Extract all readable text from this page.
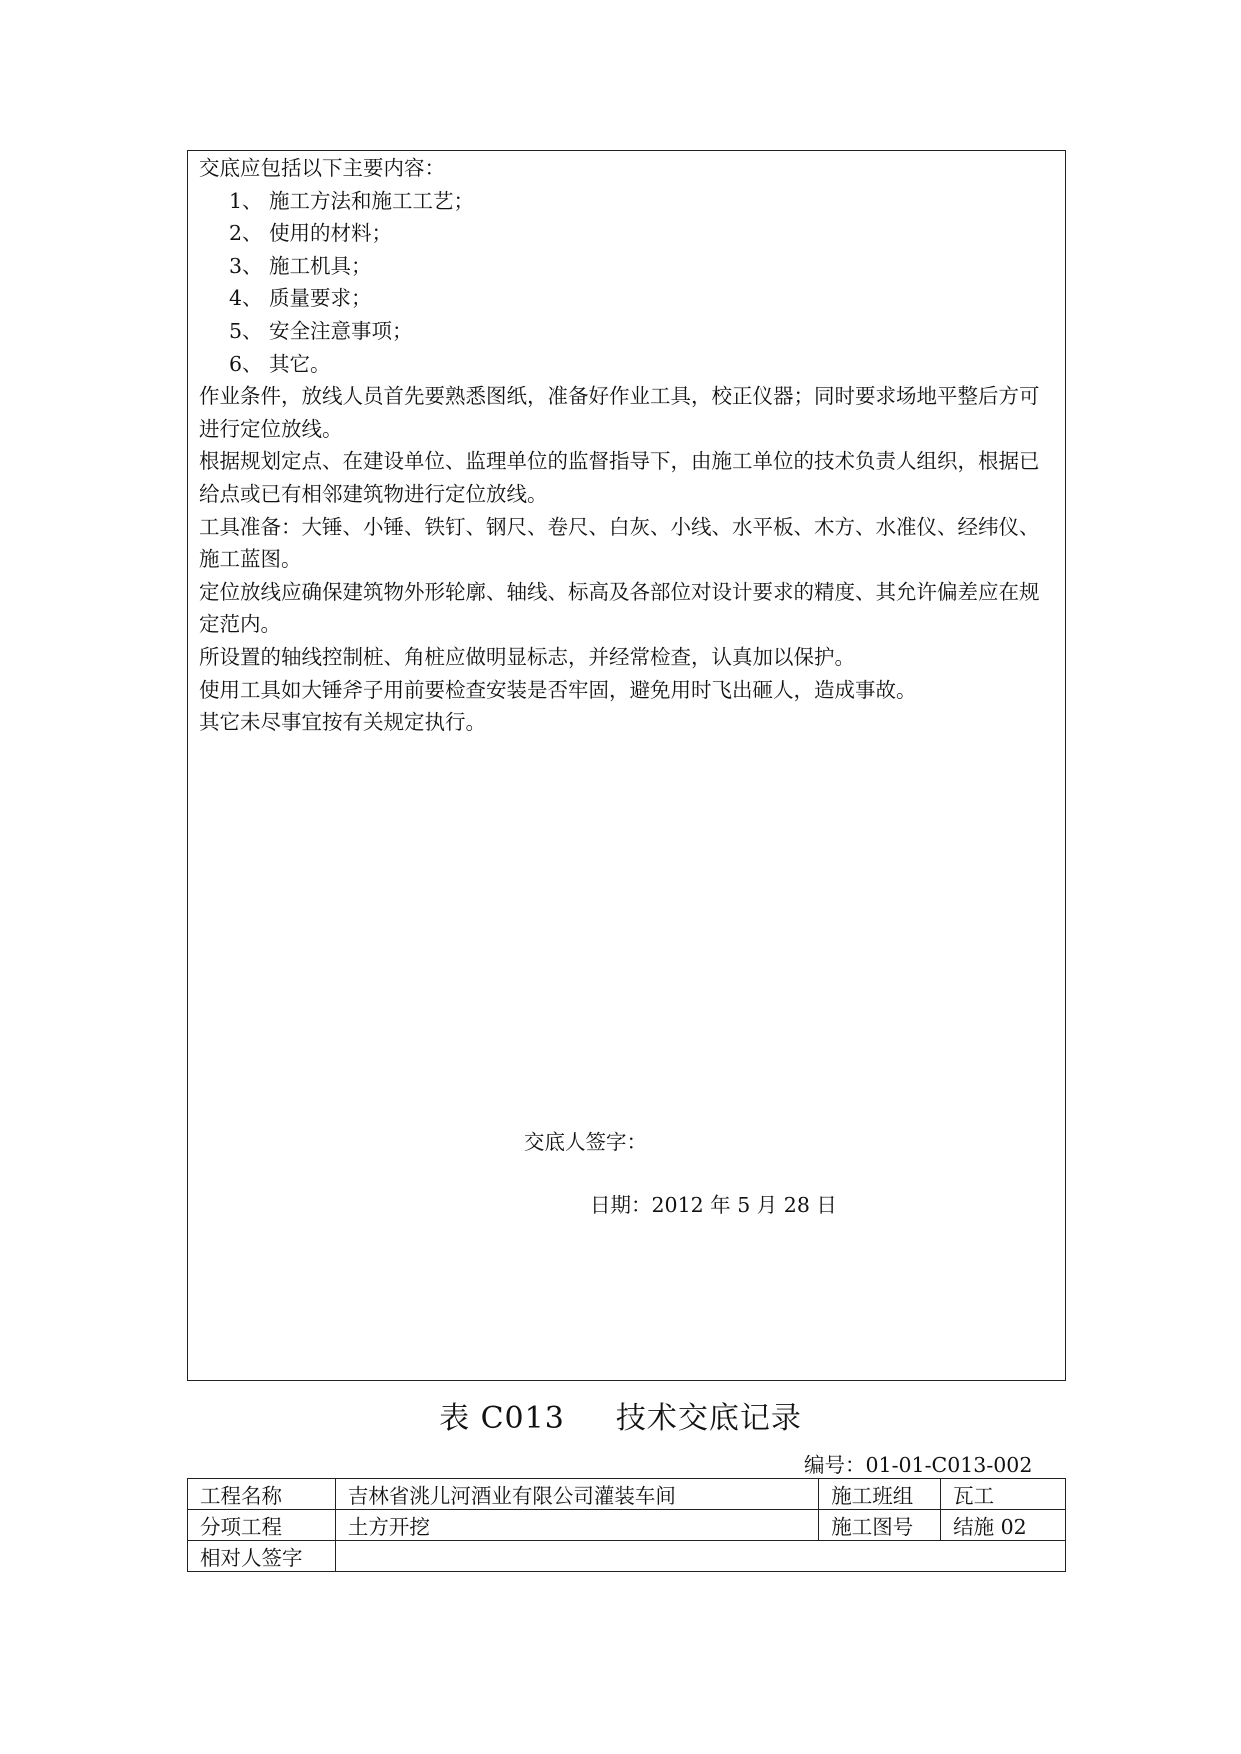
交底应包括以下主要内容：

1、 施工方法和施工工艺；

2、 使用的材料；

3、 施工机具；

4、 质量要求；

5、 安全注意事项；

6、 其它。

作业条件，放线人员首先要熟悉图纸，准备好作业工具，校正仪器；同时要求场地平整后方可进行定位放线。

根据规划定点、在建设单位、监理单位的监督指导下，由施工单位的技术负责人组织，根据已给点或已有相邻建筑物进行定位放线。

工具准备：大锤、小锤、铁钉、钢尺、卷尺、白灰、小线、水平板、木方、水准仪、经纬仪、施工蓝图。

定位放线应确保建筑物外形轮廓、轴线、标高及各部位对设计要求的精度、其允许偏差应在规定范内。

所设置的轴线控制桩、角桩应做明显标志，并经常检查，认真加以保护。

使用工具如大锤斧子用前要检查安装是否牢固，避免用时飞出砸人，造成事故。

其它未尽事宜按有关规定执行。

交底人签字：
日期：2012 年 5 月 28 日
表 C013 技术交底记录
编号：01-01-C013-002
工程名称	吉林省洮儿河酒业有限公司灌装车间	施工班组	瓦工
分项工程	土方开挖	施工图号	结施 02
相对人签字			
